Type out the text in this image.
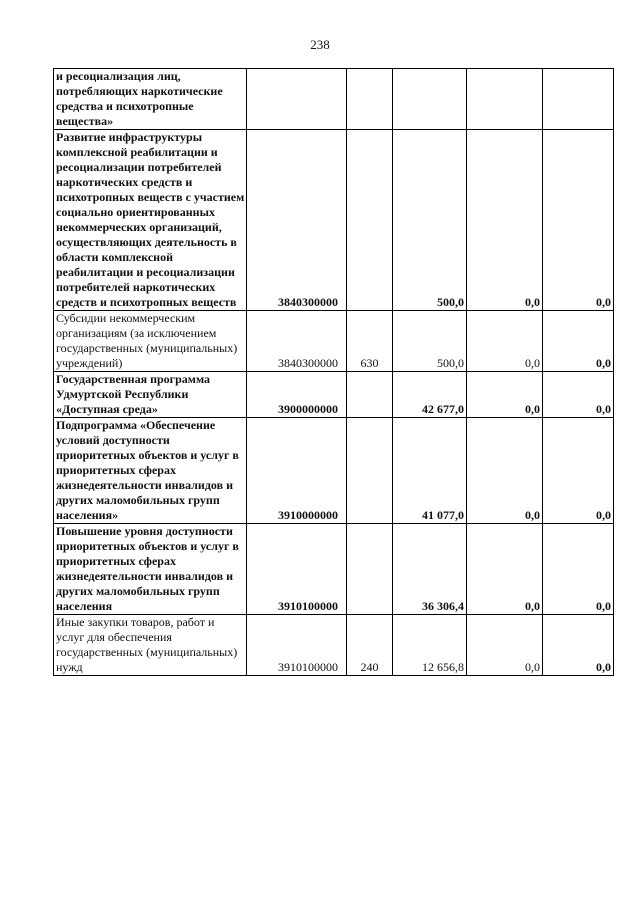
238
и ресоциализация лиц, потребляющих наркотические средства и психотропные вещества»					
Развитие инфраструктуры комплексной реабилитации и ресоциализации потребителей наркотических средств и психотропных веществ с участием социально ориентированных некоммерческих организаций, осуществляющих деятельность в области комплексной реабилитации и ресоциализации потребителей наркотических средств и психотропных веществ	3840300000		500,0	0,0	0,0
Субсидии некоммерческим организациям (за исключением государственных (муниципальных) учреждений)	3840300000	630	500,0	0,0	0,0
Государственная программа Удмуртской Республики «Доступная среда»	3900000000		42 677,0	0,0	0,0
Подпрограмма «Обеспечение условий доступности приоритетных объектов и услуг в приоритетных сферах жизнедеятельности инвалидов и других маломобильных групп населения»	3910000000		41 077,0	0,0	0,0
Повышение уровня доступности приоритетных объектов и услуг в приоритетных сферах жизнедеятельности инвалидов и других маломобильных групп населения	3910100000		36 306,4	0,0	0,0
Иные закупки товаров, работ и услуг для обеспечения государственных (муниципальных) нужд	3910100000	240	12 656,8	0,0	0,0
